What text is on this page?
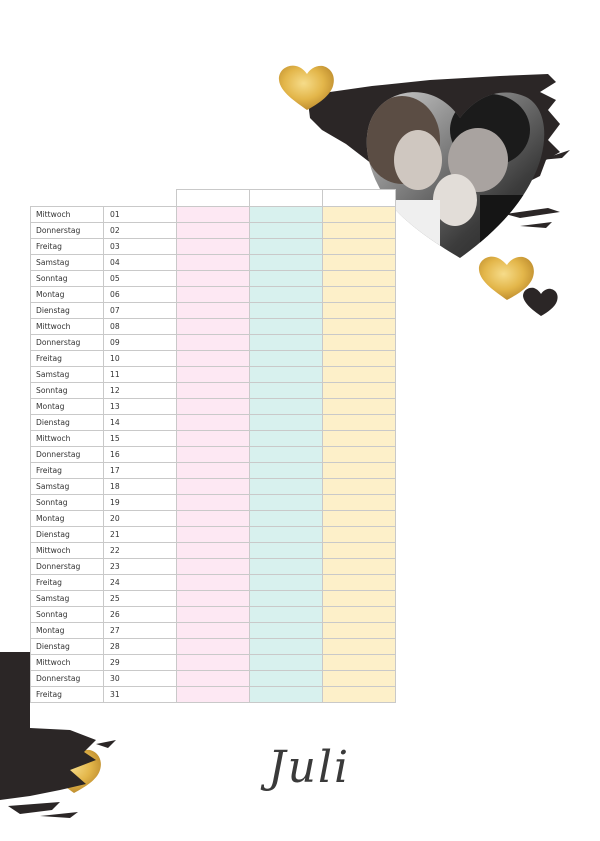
Mittwoch	01			
Donnerstag	02			
Freitag	03			
Samstag	04			
Sonntag	05			
Montag	06			
Dienstag	07			
Mittwoch	08			
Donnerstag	09			
Freitag	10			
Samstag	11			
Sonntag	12			
Montag	13			
Dienstag	14			
Mittwoch	15			
Donnerstag	16			
Freitag	17			
Samstag	18			
Sonntag	19			
Montag	20			
Dienstag	21			
Mittwoch	22			
Donnerstag	23			
Freitag	24			
Samstag	25			
Sonntag	26			
Montag	27			
Dienstag	28			
Mittwoch	29			
Donnerstag	30			
Freitag	31			
Juli
